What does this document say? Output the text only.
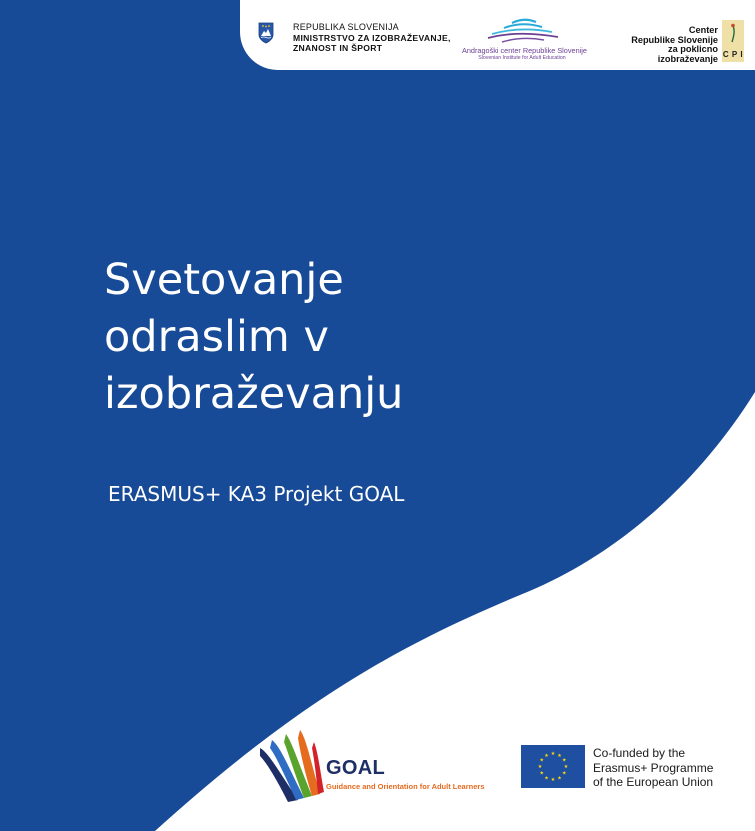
REPUBLIKA SLOVENIJA
MINISTRSTVO ZA IZOBRAŽEVANJE,
ZNANOST IN ŠPORT	Andragoški center Republike Slovenije
Slovenian Institute for Adult Education
Center
Republike Slovenije
za poklicno
izobraževanje C P I
Svetovanje
odraslim v
izobraževanju
ERASMUS+ KA3 Projekt GOAL
GOAL
Guidance and Orientation for Adult Learners
★ ★
★
★
★
★
★
★
★
★
★
★	Co-funded by the
Erasmus+ Programme
of the European Union
